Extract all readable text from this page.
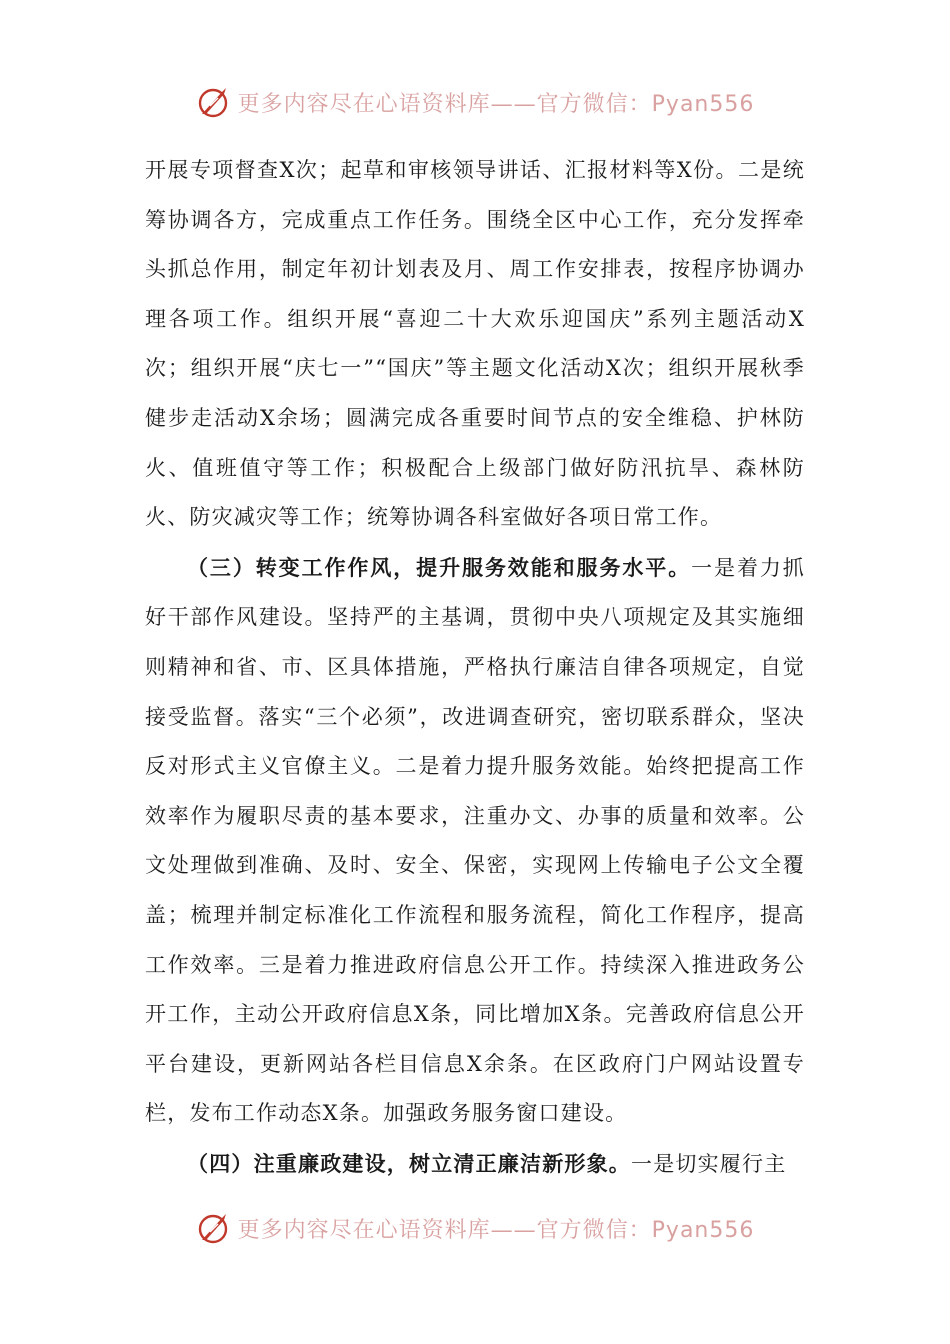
更多内容尽在心语资料库——官方微信：Pyan556

开展专项督查X次；起草和审核领导讲话、汇报材料等X份。二是统筹协调各方，完成重点工作任务。围绕全区中心工作，充分发挥牵头抓总作用，制定年初计划表及月、周工作安排表，按程序协调办理各项工作。组织开展“喜迎二十大欢乐迎国庆”系列主题活动X次；组织开展“庆七一”“国庆”等主题文化活动X次；组织开展秋季健步走活动X余场；圆满完成各重要时间节点的安全维稳、护林防火、值班值守等工作；积极配合上级部门做好防汛抗旱、森林防火、防灾减灾等工作；统筹协调各科室做好各项日常工作。

（三）转变工作作风，提升服务效能和服务水平。一是着力抓好干部作风建设。坚持严的主基调，贯彻中央八项规定及其实施细则精神和省、市、区具体措施，严格执行廉洁自律各项规定，自觉接受监督。落实“三个必须”，改进调查研究，密切联系群众，坚决反对形式主义官僚主义。二是着力提升服务效能。始终把提高工作效率作为履职尽责的基本要求，注重办文、办事的质量和效率。公文处理做到准确、及时、安全、保密，实现网上传输电子公文全覆盖；梳理并制定标准化工作流程和服务流程，简化工作程序，提高工作效率。三是着力推进政府信息公开工作。持续深入推进政务公开工作，主动公开政府信息X条，同比增加X条。完善政府信息公开平台建设，更新网站各栏目信息X余条。在区政府门户网站设置专栏，发布工作动态X条。加强政务服务窗口建设。

（四）注重廉政建设，树立清正廉洁新形象。一是切实履行主

更多内容尽在心语资料库——官方微信：Pyan556
